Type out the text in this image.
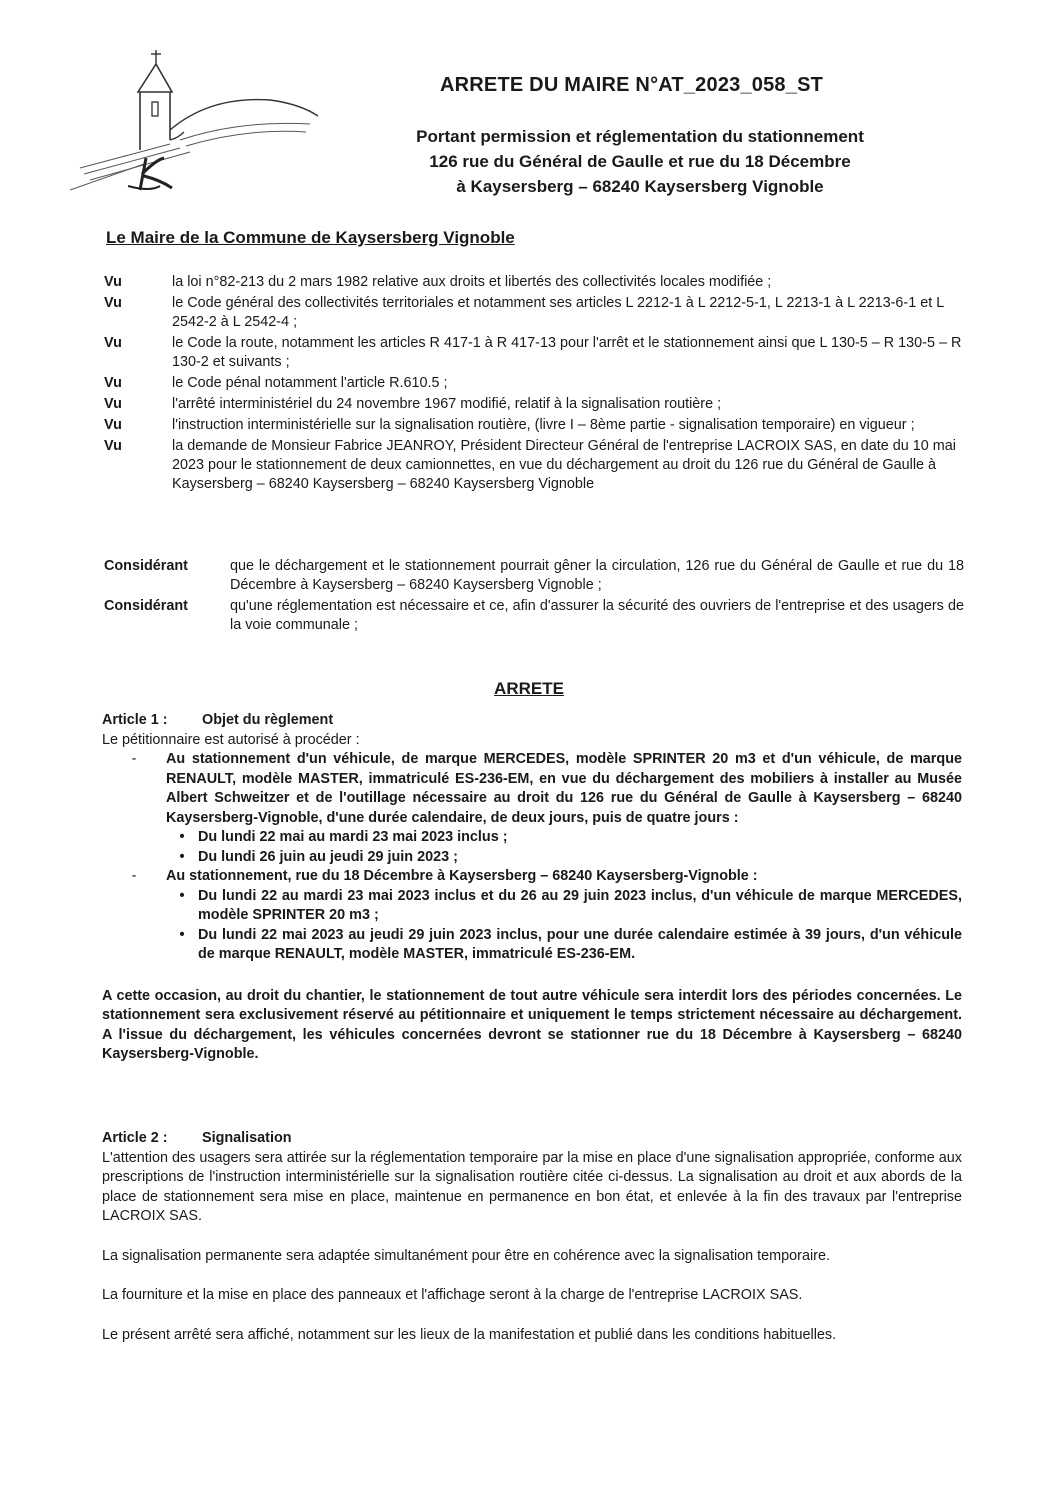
ARRETE DU MAIRE N°AT_2023_058_ST
Portant permission et réglementation du stationnement
126 rue du Général de Gaulle et rue du 18 Décembre
à Kaysersberg – 68240 Kaysersberg Vignoble
Le Maire de la Commune de Kaysersberg Vignoble
Vu	la loi n°82-213 du 2 mars 1982 relative aux droits et libertés des collectivités locales modifiée ;
Vu	le Code général des collectivités territoriales et notamment ses articles L 2212-1 à L 2212-5-1, L 2213-1 à L 2213-6-1 et L 2542-2 à L 2542-4 ;
Vu	le Code la route, notamment les articles R 417-1 à R 417-13 pour l'arrêt et le stationnement ainsi que L 130-5 – R 130-5 – R 130-2 et suivants ;
Vu	le Code pénal notamment l'article R.610.5 ;
Vu	l'arrêté interministériel du 24 novembre 1967 modifié, relatif à la signalisation routière ;
Vu	l'instruction interministérielle sur la signalisation routière, (livre I – 8ème partie - signalisation temporaire) en vigueur ;
Vu	la demande de Monsieur Fabrice JEANROY, Président Directeur Général de l'entreprise LACROIX SAS, en date du 10 mai 2023 pour le stationnement de deux camionnettes, en vue du déchargement au droit du 126 rue du Général de Gaulle à Kaysersberg – 68240 Kaysersberg – 68240 Kaysersberg Vignoble
Considérant	que le déchargement et le stationnement pourrait gêner la circulation, 126 rue du Général de Gaulle et rue du 18 Décembre à Kaysersberg – 68240 Kaysersberg Vignoble ;
Considérant	qu'une réglementation est nécessaire et ce, afin d'assurer la sécurité des ouvriers de l'entreprise et des usagers de la voie communale ;
ARRETE
Article 1 : Objet du règlement
Le pétitionnaire est autorisé à procéder :
-	Au stationnement d'un véhicule, de marque MERCEDES, modèle SPRINTER 20 m3 et d'un véhicule, de marque RENAULT, modèle MASTER, immatriculé ES-236-EM, en vue du déchargement des mobiliers à installer au Musée Albert Schweitzer et de l'outillage nécessaire au droit du 126 rue du Général de Gaulle à Kaysersberg – 68240 Kaysersberg-Vignoble, d'une durée calendaire, de deux jours, puis de quatre jours :
• Du lundi 22 mai au mardi 23 mai 2023 inclus ;
• Du lundi 26 juin au jeudi 29 juin 2023 ;
-	Au stationnement, rue du 18 Décembre à Kaysersberg – 68240 Kaysersberg-Vignoble :
• Du lundi 22 au mardi 23 mai 2023 inclus et du 26 au 29 juin 2023 inclus, d'un véhicule de marque MERCEDES, modèle SPRINTER 20 m3 ;
• Du lundi 22 mai 2023 au jeudi 29 juin 2023 inclus, pour une durée calendaire estimée à 39 jours, d'un véhicule de marque RENAULT, modèle MASTER, immatriculé ES-236-EM.
A cette occasion, au droit du chantier, le stationnement de tout autre véhicule sera interdit lors des périodes concernées. Le stationnement sera exclusivement réservé au pétitionnaire et uniquement le temps strictement nécessaire au déchargement. A l'issue du déchargement, les véhicules concernées devront se stationner rue du 18 Décembre à Kaysersberg – 68240 Kaysersberg-Vignoble.
Article 2 : Signalisation
L'attention des usagers sera attirée sur la réglementation temporaire par la mise en place d'une signalisation appropriée, conforme aux prescriptions de l'instruction interministérielle sur la signalisation routière citée ci-dessus. La signalisation au droit et aux abords de la place de stationnement sera mise en place, maintenue en permanence en bon état, et enlevée à la fin des travaux par l'entreprise LACROIX SAS.
La signalisation permanente sera adaptée simultanément pour être en cohérence avec la signalisation temporaire.
La fourniture et la mise en place des panneaux et l'affichage seront à la charge de l'entreprise LACROIX SAS.
Le présent arrêté sera affiché, notamment sur les lieux de la manifestation et publié dans les conditions habituelles.
